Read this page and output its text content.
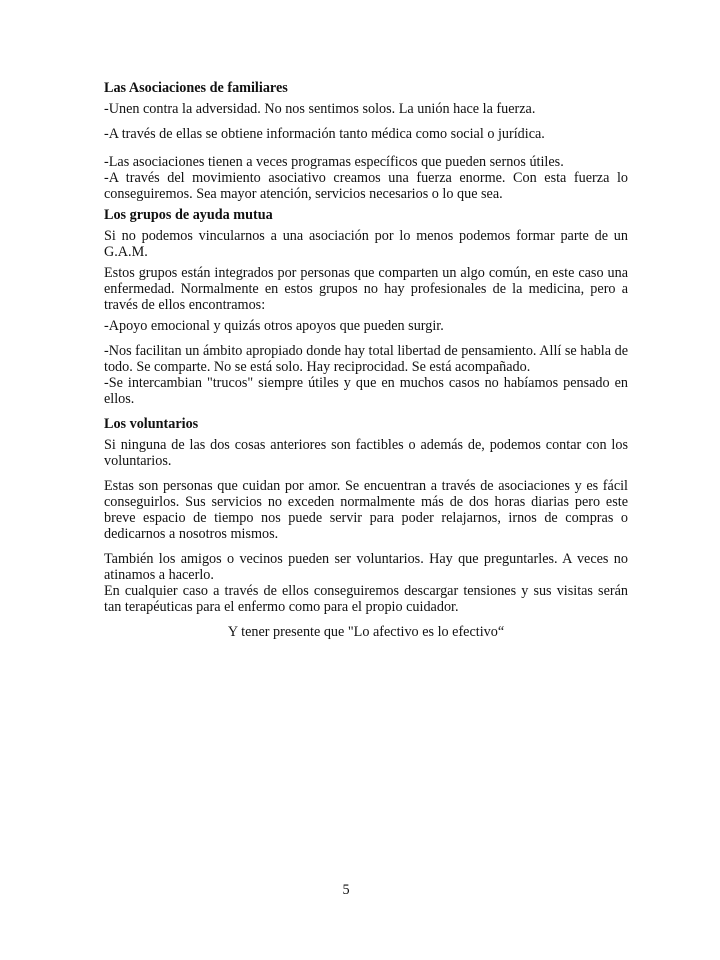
Las Asociaciones de familiares

-Unen contra la adversidad. No nos sentimos solos. La unión hace la fuerza.

-A través de ellas se obtiene información tanto médica como social o jurídica.

-Las asociaciones tienen a veces programas específicos que pueden sernos útiles.

-A través del movimiento asociativo creamos una fuerza enorme. Con esta fuerza lo conseguiremos. Sea mayor atención, servicios necesarios o lo que sea.

Los grupos de ayuda mutua

Si no podemos vincularnos a una asociación por lo menos podemos formar parte de un G.A.M.

Estos grupos están integrados por personas que comparten un algo común, en este caso una enfermedad. Normalmente en estos grupos no hay profesionales de la medicina, pero a través de ellos encontramos:

-Apoyo emocional y quizás otros apoyos que pueden surgir.

-Nos facilitan un ámbito apropiado donde hay total libertad de pensamiento. Allí se habla de todo. Se comparte. No se está solo. Hay reciprocidad. Se está acompañado.

-Se intercambian "trucos" siempre útiles y que en muchos casos no habíamos pensado en ellos.

Los voluntarios

Si ninguna de las dos cosas anteriores son factibles o además de, podemos contar con los voluntarios.

Estas son personas que cuidan por amor. Se encuentran a través de asociaciones y es fácil conseguirlos. Sus servicios no exceden normalmente más de dos horas diarias pero este breve espacio de tiempo nos puede servir para poder relajarnos, irnos de compras o dedicarnos a nosotros mismos.

También los amigos o vecinos pueden ser voluntarios. Hay que preguntarles. A veces no atinamos a hacerlo.

En cualquier caso a través de ellos conseguiremos descargar tensiones y sus visitas serán tan terapéuticas para el enfermo como para el propio cuidador.

Y tener presente que "Lo afectivo es lo efectivo“

5
